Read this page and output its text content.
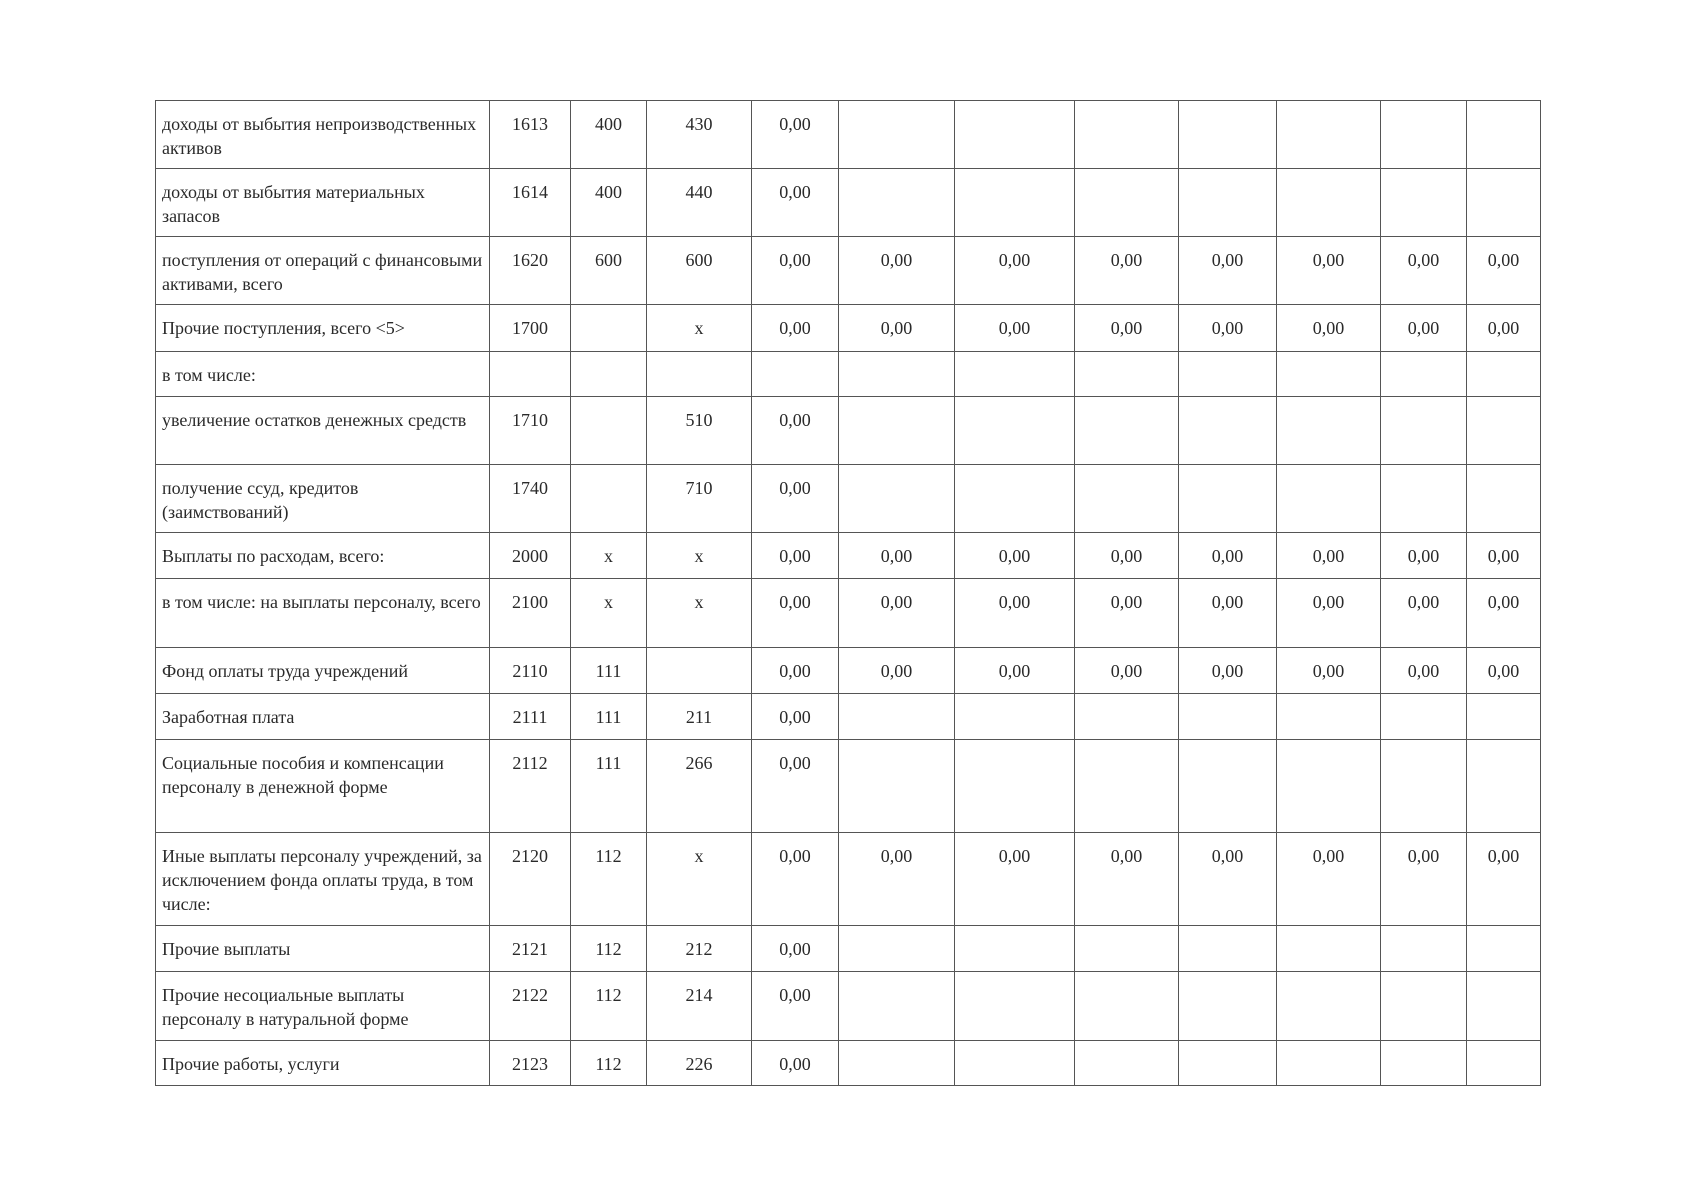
доходы от выбытия непроизводственных активов	1613	400	430	0,00							
доходы от выбытия материальных запасов	1614	400	440	0,00							
поступления от операций с финансовыми активами, всего	1620	600	600	0,00	0,00	0,00	0,00	0,00	0,00	0,00	0,00
Прочие поступления, всего <5>	1700		x	0,00	0,00	0,00	0,00	0,00	0,00	0,00	0,00
в том числе:											
увеличение остатков денежных средств	1710		510	0,00							
получение ссуд, кредитов (заимствований)	1740		710	0,00							
Выплаты по расходам, всего:	2000	x	x	0,00	0,00	0,00	0,00	0,00	0,00	0,00	0,00
в том числе: на выплаты персоналу, всего	2100	x	x	0,00	0,00	0,00	0,00	0,00	0,00	0,00	0,00
Фонд оплаты труда учреждений	2110	111		0,00	0,00	0,00	0,00	0,00	0,00	0,00	0,00
Заработная плата	2111	111	211	0,00							
Социальные пособия и компенсации персоналу в денежной форме	2112	111	266	0,00							
Иные выплаты персоналу учреждений, за исключением фонда оплаты труда, в том числе:	2120	112	x	0,00	0,00	0,00	0,00	0,00	0,00	0,00	0,00
Прочие выплаты	2121	112	212	0,00							
Прочие несоциальные выплаты персоналу в натуральной форме	2122	112	214	0,00							
Прочие работы, услуги	2123	112	226	0,00							
